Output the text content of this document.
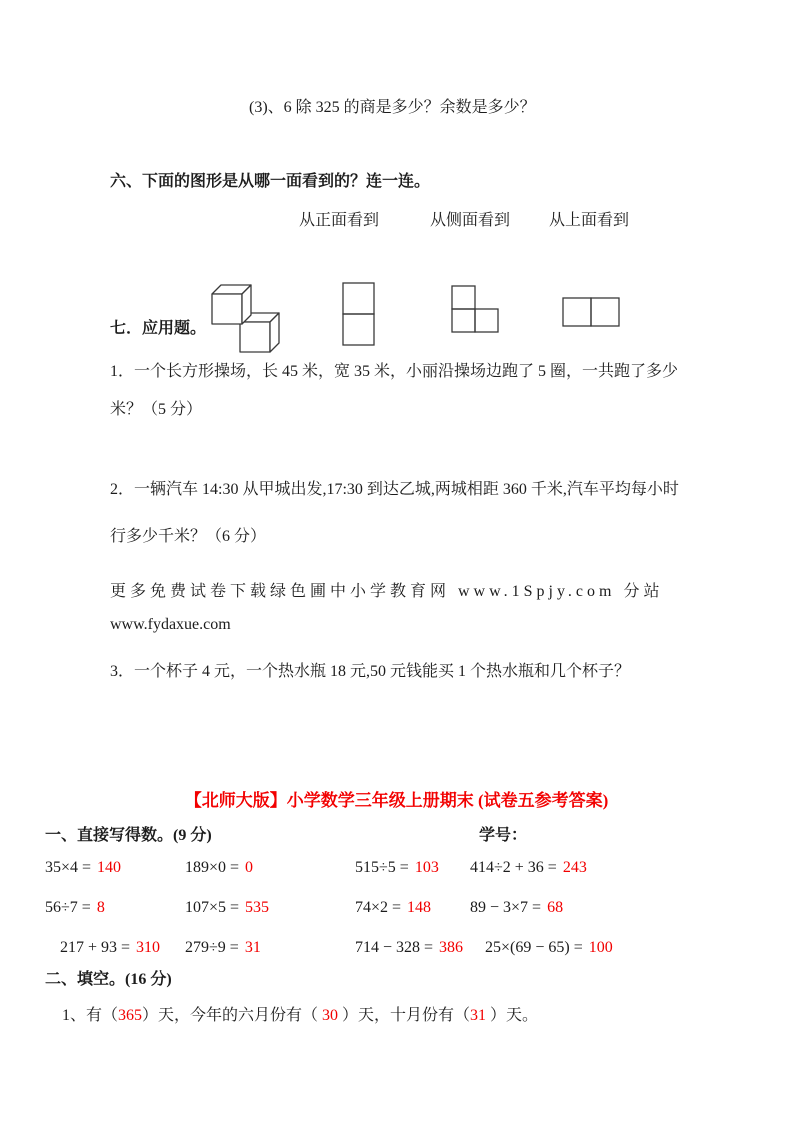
(3)、6 除 325 的商是多少？余数是多少？
六、下面的图形是从哪一面看到的？连一连。
从正面看到	从侧面看到 从上面看到
七．应用题。
1．一个长方形操场，长 45 米，宽 35 米，小丽沿操场边跑了 5 圈，一共跑了多少米？（5 分）
2．一辆汽车 14:30 从甲城出发,17:30 到达乙城,两城相距 360 千米,汽车平均每小时行多少千米？（6 分）
更多免费试卷下载绿色圃中小学教育网 www.1Spjy.com 分站
www.fydaxue.com
3．一个杯子 4 元，一个热水瓶 18 元,50 元钱能买 1 个热水瓶和几个杯子？
【北师大版】小学数学三年级上册期末 (试卷五参考答案)
一、直接写得数。(9 分)	学号：
35×4 = 140	189×0 = 0	515÷5 = 103	414÷2 + 36 = 243
56÷7 = 8	107×5 = 535	74×2 = 148	89 − 3×7 = 68
217 + 93 = 310	279÷9 = 31	714 − 328 = 386	25×(69 − 65) = 100
二、填空。(16 分)
1、有（365）天，今年的六月份有（ 30 ）天，十月份有（31 ）天。
